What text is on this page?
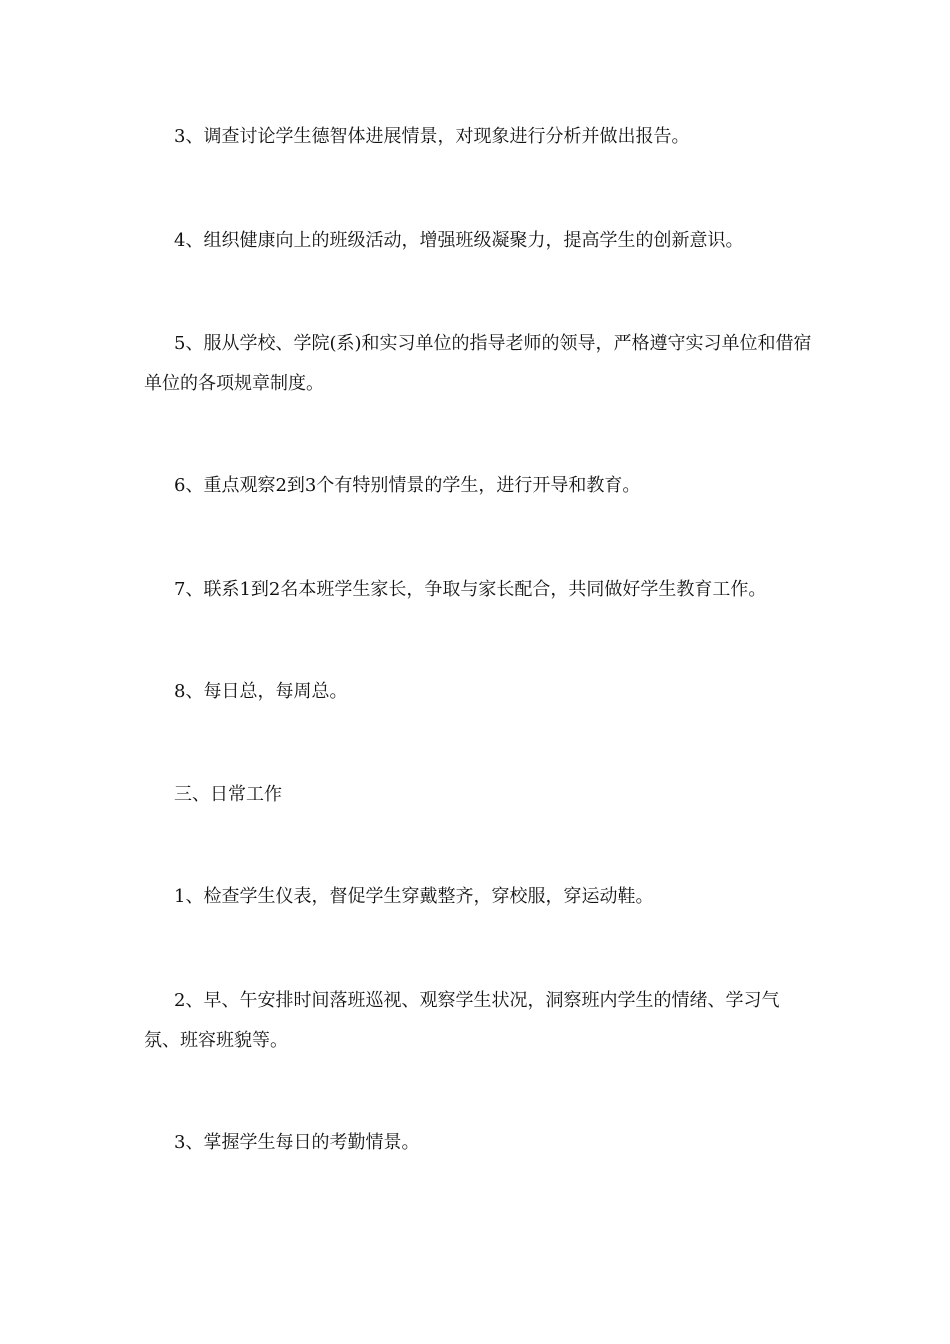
3、调查讨论学生德智体进展情景，对现象进行分析并做出报告。

4、组织健康向上的班级活动，增强班级凝聚力，提高学生的创新意识。

5、服从学校、学院(系)和实习单位的指导老师的领导，严格遵守实习单位和借宿单位的各项规章制度。

6、重点观察2到3个有特别情景的学生，进行开导和教育。

7、联系1到2名本班学生家长，争取与家长配合，共同做好学生教育工作。

8、每日总，每周总。

三、日常工作

1、检查学生仪表，督促学生穿戴整齐，穿校服，穿运动鞋。

2、早、午安排时间落班巡视、观察学生状况，洞察班内学生的情绪、学习气氛、班容班貌等。

3、掌握学生每日的考勤情景。
